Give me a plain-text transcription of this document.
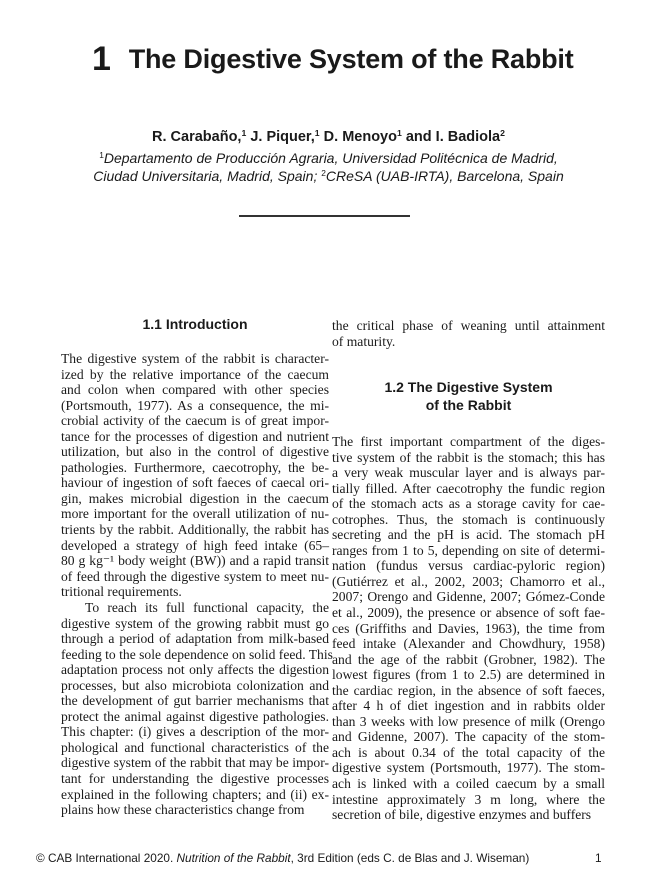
1 The Digestive System of the Rabbit
R. Carabaño,$^1$ J. Piquer,$^1$ D. Menoyo$^1$ and I. Badiola$^2$
$^1$Departamento de Producción Agraria, Universidad Politécnica de Madrid,
Ciudad Universitaria, Madrid, Spain; $^2$CReSA (UAB-IRTA), Barcelona, Spain
1.1 Introduction
The digestive system of the rabbit is character-
ized by the relative importance of the caecum
and colon when compared with other species
(Portsmouth, 1977). As a consequence, the mi-
crobial activity of the caecum is of great impor-
tance for the processes of digestion and nutrient
utilization, but also in the control of digestive
pathologies. Furthermore, caecotrophy, the be-
haviour of ingestion of soft faeces of caecal ori-
gin, makes microbial digestion in the caecum
more important for the overall utilization of nu-
trients by the rabbit. Additionally, the rabbit has
developed a strategy of high feed intake (65–
80 g kg⁻¹ body weight (BW)) and a rapid transit
of feed through the digestive system to meet nu-
tritional requirements.
To reach its full functional capacity, the
digestive system of the growing rabbit must go
through a period of adaptation from milk-based
feeding to the sole dependence on solid feed. This
adaptation process not only affects the digestion
processes, but also microbiota colonization and
the development of gut barrier mechanisms that
protect the animal against digestive pathologies.
This chapter: (i) gives a description of the mor-
phological and functional characteristics of the
digestive system of the rabbit that may be impor-
tant for understanding the digestive processes
explained in the following chapters; and (ii) ex-
plains how these characteristics change from
the critical phase of weaning until attainment
of maturity.
1.2 The Digestive System
of the Rabbit
The first important compartment of the diges-
tive system of the rabbit is the stomach; this has
a very weak muscular layer and is always par-
tially filled. After caecotrophy the fundic region
of the stomach acts as a storage cavity for cae-
cotrophes. Thus, the stomach is continuously
secreting and the pH is acid. The stomach pH
ranges from 1 to 5, depending on site of determi-
nation (fundus versus cardiac-pyloric region)
(Gutiérrez et al., 2002, 2003; Chamorro et al.,
2007; Orengo and Gidenne, 2007; Gómez-Conde
et al., 2009), the presence or absence of soft fae-
ces (Griffiths and Davies, 1963), the time from
feed intake (Alexander and Chowdhury, 1958)
and the age of the rabbit (Grobner, 1982). The
lowest figures (from 1 to 2.5) are determined in
the cardiac region, in the absence of soft faeces,
after 4 h of diet ingestion and in rabbits older
than 3 weeks with low presence of milk (Orengo
and Gidenne, 2007). The capacity of the stom-
ach is about 0.34 of the total capacity of the
digestive system (Portsmouth, 1977). The stom-
ach is linked with a coiled caecum by a small
intestine approximately 3 m long, where the
secretion of bile, digestive enzymes and buffers
© CAB International 2020. Nutrition of the Rabbit, 3rd Edition (eds C. de Blas and J. Wiseman)	1
